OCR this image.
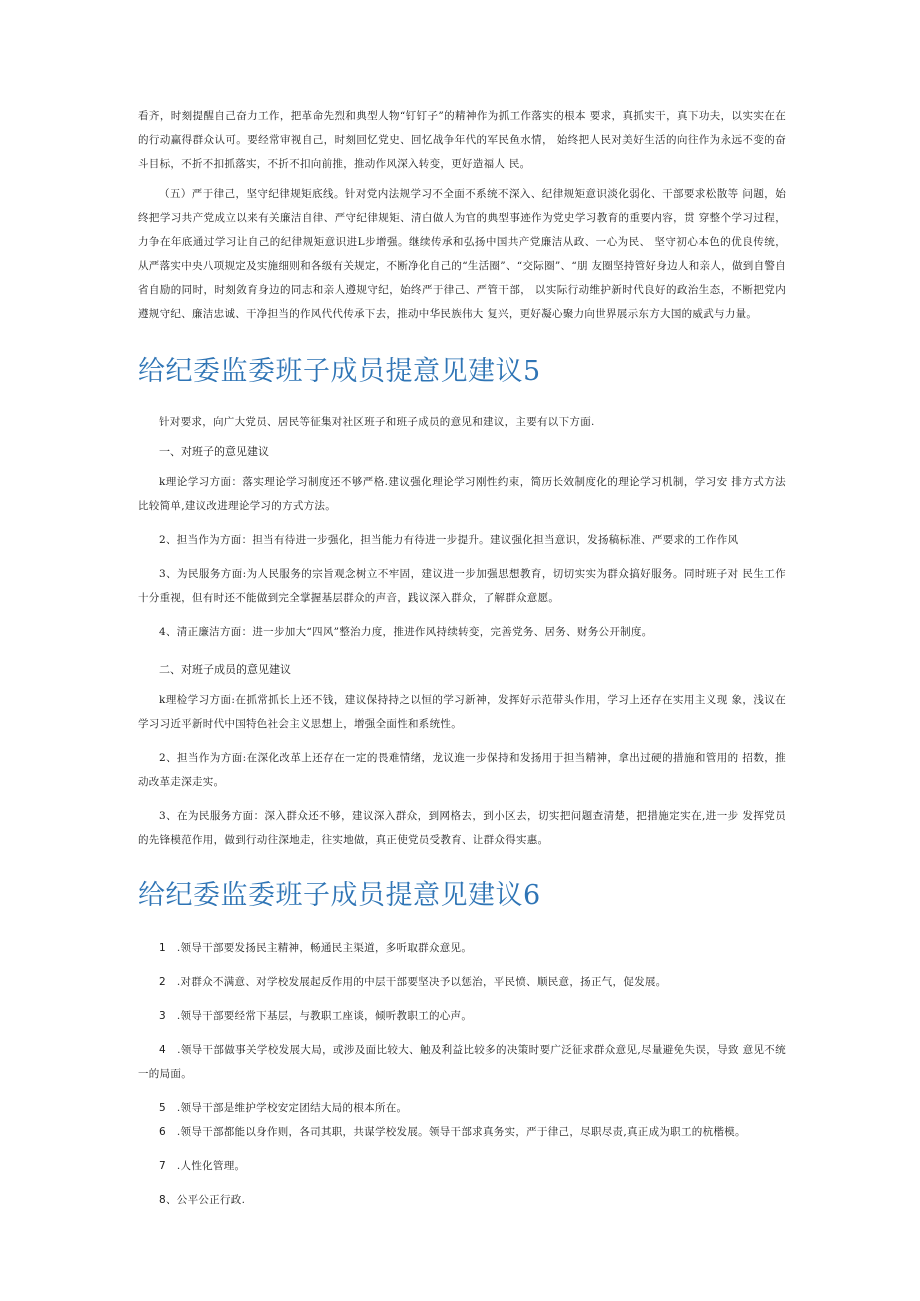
看齐，时刻提醒自己奋力工作，把革命先烈和典型人物“钉钉子”的精神作为抓工作落实的根本 要求，真抓实干，真下功夫，以实实在在的行动赢得群众认可。要经常审视自己，时刻回忆党史、回忆战争年代的军民鱼水情， 始终把人民对美好生活的向往作为永远不变的奋斗目标，不折不扣抓落实，不折不扣向前推，推动作风深入转变，更好造福人 民。

（五）严于律己，坚守纪律规矩底线。针对党内法规学习不全面不系统不深入、纪律规矩意识淡化弱化、干部要求松散等 问题，始终把学习共产党成立以来有关廉洁自律、严守纪律规矩、清白做人为官的典型事迹作为党史学习教育的重要内容，贯 穿整个学习过程，力争在年底通过学习让自己的纪律规矩意识进L步增强。继续传承和弘扬中国共产党廉洁从政、一心为民、 坚守初心本色的优良传统，从严落实中央八项规定及实施细则和各级有关规定，不断净化自己的“生活圈”、“交际圈”、“朋 友圈坚持管好身边人和亲人，做到自警自省自励的同时，时刻敛育身边的同志和亲人遵规守纪，始终严于律己、严管干部， 以实际行动维护新时代良好的政治生态，不断把党内遵规守纪、廉洁忠诚、干净担当的作风代代传承下去，推动中华民族伟大 复兴，更好凝心聚力向世界展示东方大国的威武与力量。

给纪委监委班子成员提意见建议5

针对要求，向广大党员、居民等征集对社区班子和班子成员的意见和建议，主要有以下方面.

一、对班子的意见建议

k理论学习方面：落实理论学习制度还不够严格.建议强化理论学习刚性约束，简历长效制度化的理论学习机制，学习安 排方式方法比较简单,建议改进理论学习的方式方法。

2、担当作为方面：担当有待进一步强化，担当能力有待进一步提升。建议强化担当意识，发扬稿标准、严要求的工作作风

3、为民服务方面:为人民服务的宗旨观念树立不牢固，建议进一步加强思想教育，切切实实为群众搞好服务。同时班子对 民生工作十分重视，但有时还不能做到完全掌握基层群众的声音，践议深入群众，了解群众意愿。

4、清正廉洁方面：进一步加大“四风”整治力度，推进作风持续转变，完善党务、居务、财务公开制度。

二、对班子成员的意见建议

k理检学习方面:在抓常抓长上还不钱，建议保持持之以恒的学习新神，发挥好示范带头作用，学习上还存在实用主义现 象，浅议在学习习近平新时代中国特色社会主义思想上，增强全面性和系统性。

2、担当作为方面:在深化改革上还存在一定的畏难情绪，龙议進一步保持和发扬用于担当精神，拿出过硬的措施和管用的 招数，推动改革走深走实。

3、在为民服务方面：深入群众还不够，建议深入群众，到网格去，到小区去，切实把问题查清楚，把措施定实在,进一步 发挥党员的先锋模范作用，做到行动往深地走，往实地做，真正使党员受教育、让群众得实惠。

给纪委监委班子成员提意见建议6

1 .领导干部要发扬民主精神，畅通民主渠道，多听取群众意见。

2 .对群众不满意、对学校发展起反作用的中层干部要坚决予以惩治，平民愤、顺民意，扬正气，促发展。

3 .领导干部要经常下基层，与教职工座谈，倾听教职工的心声。

4 .领导干部做事关学校发展大局，或涉及面比较大、触及利益比较多的决策时要广泛征求群众意见,尽量避免失误，导致 意见不统一的局面。

5 .领导干部是维护学校安定团结大局的根本所在。

6 .领导干部都能以身作则，各司其职，共谋学校发展。领导干部求真务实，严于律己，尽职尽责,真正成为职工的杭楷模。

7 .人性化管理。

8、公平公正行政.
